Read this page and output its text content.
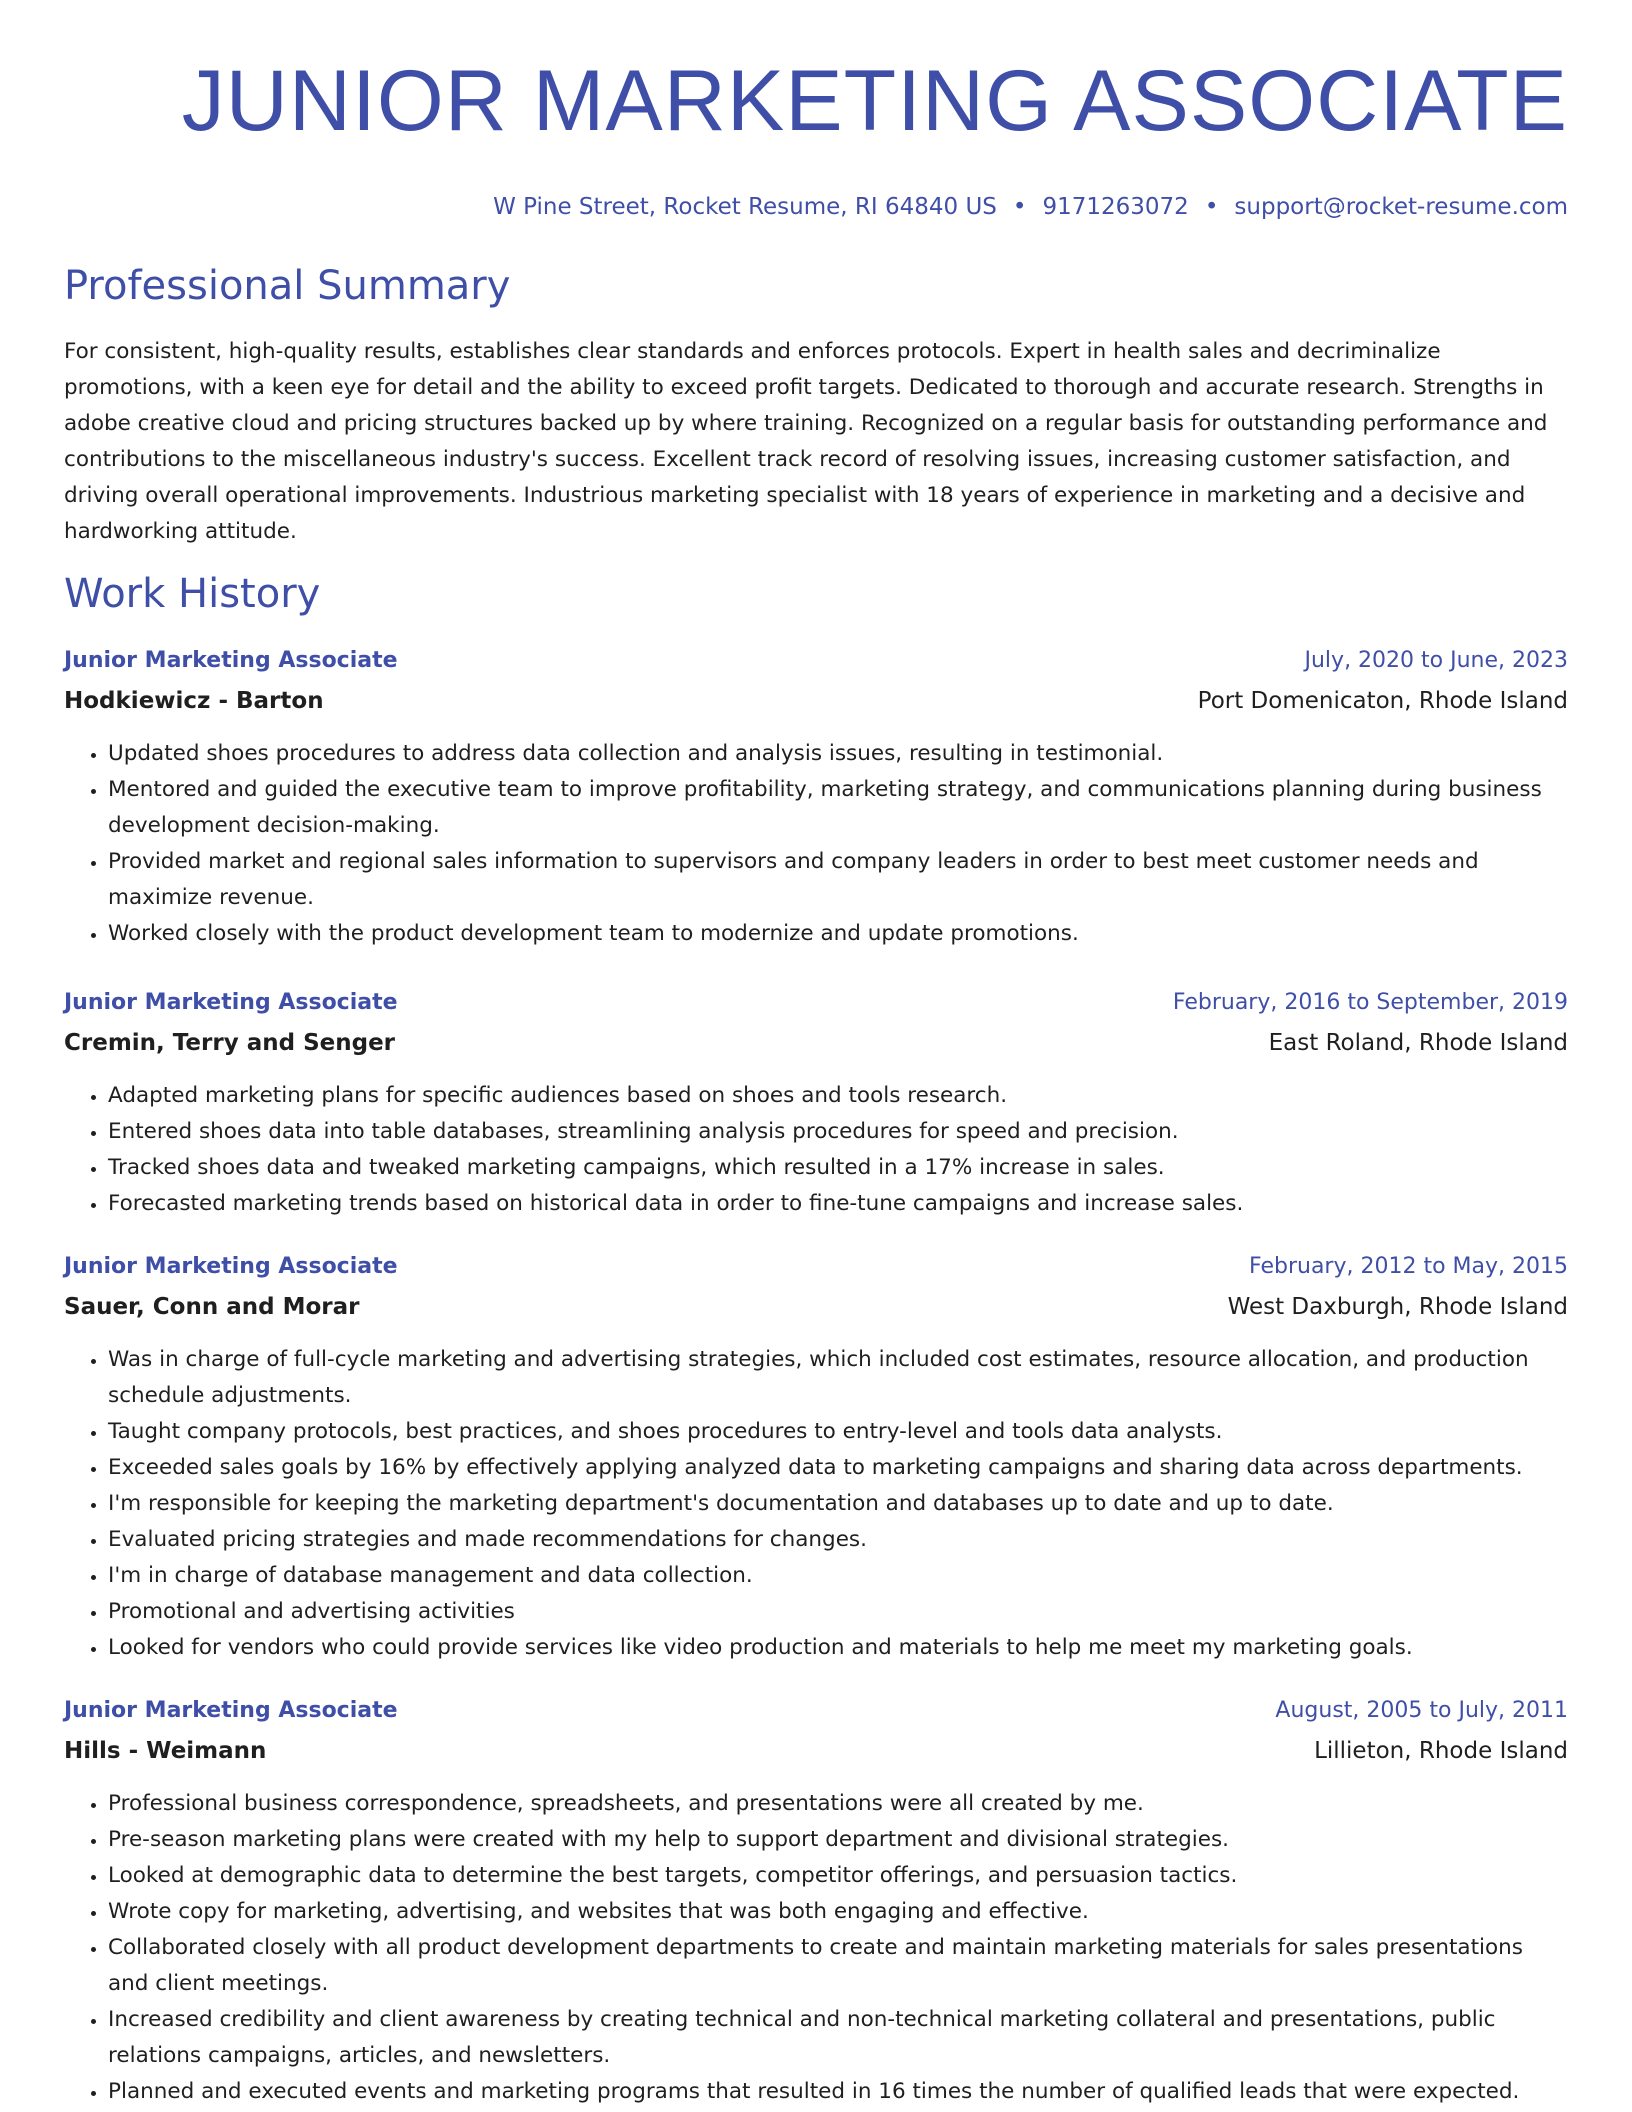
JUNIOR MARKETING ASSOCIATE
W Pine Street, Rocket Resume, RI 64840 US • 9171263072 • support@rocket-resume.com
Professional Summary
For consistent, high-quality results, establishes clear standards and enforces protocols. Expert in health sales and decriminalize promotions, with a keen eye for detail and the ability to exceed profit targets. Dedicated to thorough and accurate research. Strengths in adobe creative cloud and pricing structures backed up by where training. Recognized on a regular basis for outstanding performance and contributions to the miscellaneous industry's success. Excellent track record of resolving issues, increasing customer satisfaction, and driving overall operational improvements. Industrious marketing specialist with 18 years of experience in marketing and a decisive and hardworking attitude.
Work History
Junior Marketing Associate	July, 2020 to June, 2023
Hodkiewicz - Barton	Port Domenicaton, Rhode Island
• Updated shoes procedures to address data collection and analysis issues, resulting in testimonial.
• Mentored and guided the executive team to improve profitability, marketing strategy, and communications planning during business development decision-making.
• Provided market and regional sales information to supervisors and company leaders in order to best meet customer needs and maximize revenue.
• Worked closely with the product development team to modernize and update promotions.
Junior Marketing Associate	February, 2016 to September, 2019
Cremin, Terry and Senger	East Roland, Rhode Island
• Adapted marketing plans for specific audiences based on shoes and tools research.
• Entered shoes data into table databases, streamlining analysis procedures for speed and precision.
• Tracked shoes data and tweaked marketing campaigns, which resulted in a 17% increase in sales.
• Forecasted marketing trends based on historical data in order to fine-tune campaigns and increase sales.
Junior Marketing Associate	February, 2012 to May, 2015
Sauer, Conn and Morar	West Daxburgh, Rhode Island
• Was in charge of full-cycle marketing and advertising strategies, which included cost estimates, resource allocation, and production schedule adjustments.
• Taught company protocols, best practices, and shoes procedures to entry-level and tools data analysts.
• Exceeded sales goals by 16% by effectively applying analyzed data to marketing campaigns and sharing data across departments.
• I'm responsible for keeping the marketing department's documentation and databases up to date and up to date.
• Evaluated pricing strategies and made recommendations for changes.
• I'm in charge of database management and data collection.
• Promotional and advertising activities
• Looked for vendors who could provide services like video production and materials to help me meet my marketing goals.
Junior Marketing Associate	August, 2005 to July, 2011
Hills - Weimann	Lillieton, Rhode Island
• Professional business correspondence, spreadsheets, and presentations were all created by me.
• Pre-season marketing plans were created with my help to support department and divisional strategies.
• Looked at demographic data to determine the best targets, competitor offerings, and persuasion tactics.
• Wrote copy for marketing, advertising, and websites that was both engaging and effective.
• Collaborated closely with all product development departments to create and maintain marketing materials for sales presentations and client meetings.
• Increased credibility and client awareness by creating technical and non-technical marketing collateral and presentations, public relations campaigns, articles, and newsletters.
• Planned and executed events and marketing programs that resulted in 16 times the number of qualified leads that were expected.
